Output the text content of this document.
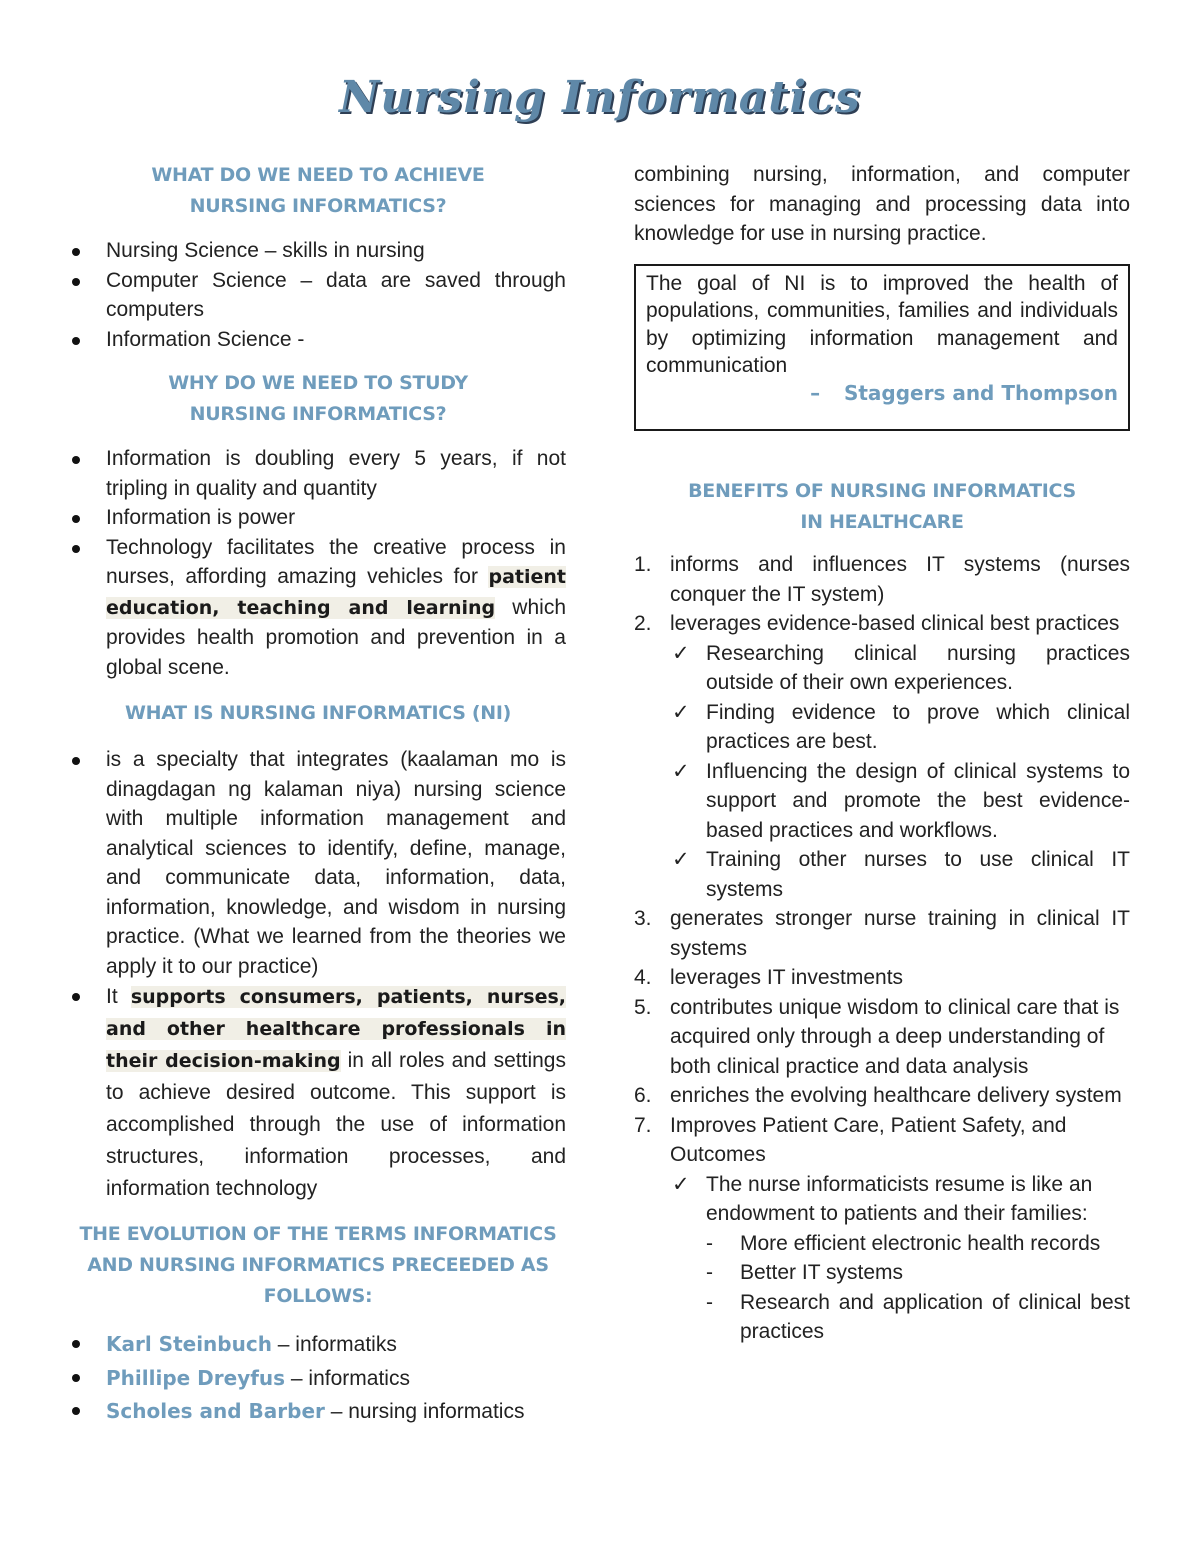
Nursing Informatics
WHAT DO WE NEED TO ACHIEVE NURSING INFORMATICS?
Nursing Science – skills in nursing
Computer Science – data are saved through computers
Information Science -
WHY DO WE NEED TO STUDY NURSING INFORMATICS?
Information is doubling every 5 years, if not tripling in quality and quantity
Information is power
Technology facilitates the creative process in nurses, affording amazing vehicles for patient education, teaching and learning which provides health promotion and prevention in a global scene.
WHAT IS NURSING INFORMATICS (NI)
is a specialty that integrates (kaalaman mo is dinagdagan ng kalaman niya) nursing science with multiple information management and analytical sciences to identify, define, manage, and communicate data, information, data, information, knowledge, and wisdom in nursing practice. (What we learned from the theories we apply it to our practice)
It supports consumers, patients, nurses, and other healthcare professionals in their decision-making in all roles and settings to achieve desired outcome. This support is accomplished through the use of information structures, information processes, and information technology
THE EVOLUTION OF THE TERMS INFORMATICS AND NURSING INFORMATICS PRECEEDED AS FOLLOWS:
Karl Steinbuch – informatiks
Phillipe Dreyfus – informatics
Scholes and Barber – nursing informatics
combining nursing, information, and computer sciences for managing and processing data into knowledge for use in nursing practice.
The goal of NI is to improved the health of populations, communities, families and individuals by optimizing information management and communication
– Staggers and Thompson
BENEFITS OF NURSING INFORMATICS IN HEALTHCARE
1. informs and influences IT systems (nurses conquer the IT system)
2. leverages evidence-based clinical best practices
✓ Researching clinical nursing practices outside of their own experiences.
✓ Finding evidence to prove which clinical practices are best.
✓ Influencing the design of clinical systems to support and promote the best evidence-based practices and workflows.
✓ Training other nurses to use clinical IT systems
3. generates stronger nurse training in clinical IT systems
4. leverages IT investments
5. contributes unique wisdom to clinical care that is acquired only through a deep understanding of both clinical practice and data analysis
6. enriches the evolving healthcare delivery system
7. Improves Patient Care, Patient Safety, and Outcomes
✓ The nurse informaticists resume is like an endowment to patients and their families:
- More efficient electronic health records
- Better IT systems
- Research and application of clinical best practices
